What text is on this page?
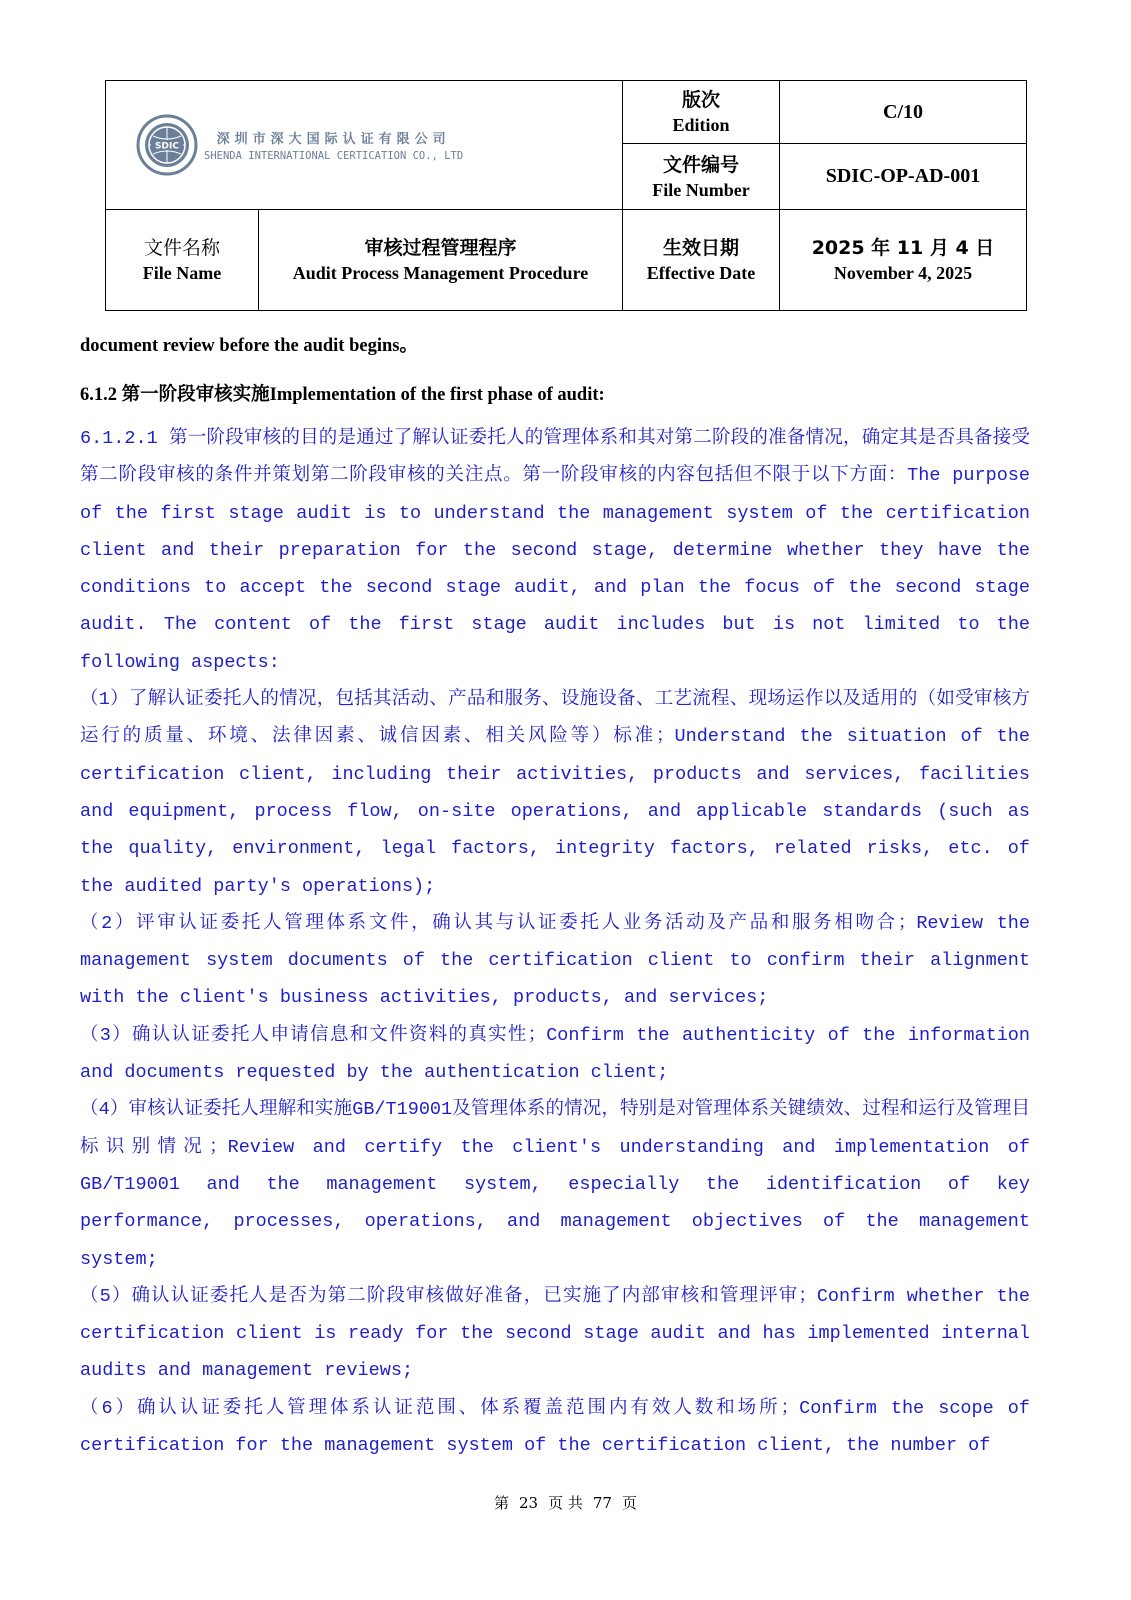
SDIC	深圳市深大国际认证有限公司
SHENDA INTERNATIONAL CERTICATION CO., LTD
版次
Edition
C/10
文件编号
File Number
SDIC-OP-AD-001
文件名称
File Name
审核过程管理程序
Audit Process Management Procedure
生效日期
Effective Date
2025 年 11 月 4 日
November 4, 2025

document review before the audit begins。

6.1.2 第一阶段审核实施Implementation of the first phase of audit:

6.1.2.1 第一阶段审核的目的是通过了解认证委托人的管理体系和其对第二阶段的准备情况，确定其是否具备接受第二阶段审核的条件并策划第二阶段审核的关注点。第一阶段审核的内容包括但不限于以下方面：The purpose of the first stage audit is to understand the management system of the certification client and their preparation for the second stage, determine whether they have the conditions to accept the second stage audit, and plan the focus of the second stage audit. The content of the first stage audit includes but is not limited to the following aspects:

（1）了解认证委托人的情况，包括其活动、产品和服务、设施设备、工艺流程、现场运作以及适用的（如受审核方运行的质量、环境、法律因素、诚信因素、相关风险等）标准；Understand the situation of the certification client, including their activities, products and services, facilities and equipment, process flow, on-site operations, and applicable standards (such as the quality, environment, legal factors, integrity factors, related risks, etc. of the audited party's operations);

（2）评审认证委托人管理体系文件，确认其与认证委托人业务活动及产品和服务相吻合；Review the management system documents of the certification client to confirm their alignment with the client's business activities, products, and services;

（3）确认认证委托人申请信息和文件资料的真实性；Confirm the authenticity of the information and documents requested by the authentication client;

（4）审核认证委托人理解和实施GB/T19001及管理体系的情况，特别是对管理体系关键绩效、过程和运行及管理目标识别情况；Review and certify the client's understanding and implementation of GB/T19001 and the management system, especially the identification of key performance, processes, operations, and management objectives of the management system;

（5）确认认证委托人是否为第二阶段审核做好准备，已实施了内部审核和管理评审；Confirm whether the certification client is ready for the second stage audit and has implemented internal audits and management reviews;

（6）确认认证委托人管理体系认证范围、体系覆盖范围内有效人数和场所；Confirm the scope of certification for the management system of the certification client, the number of

第 23 页 共 77 页
